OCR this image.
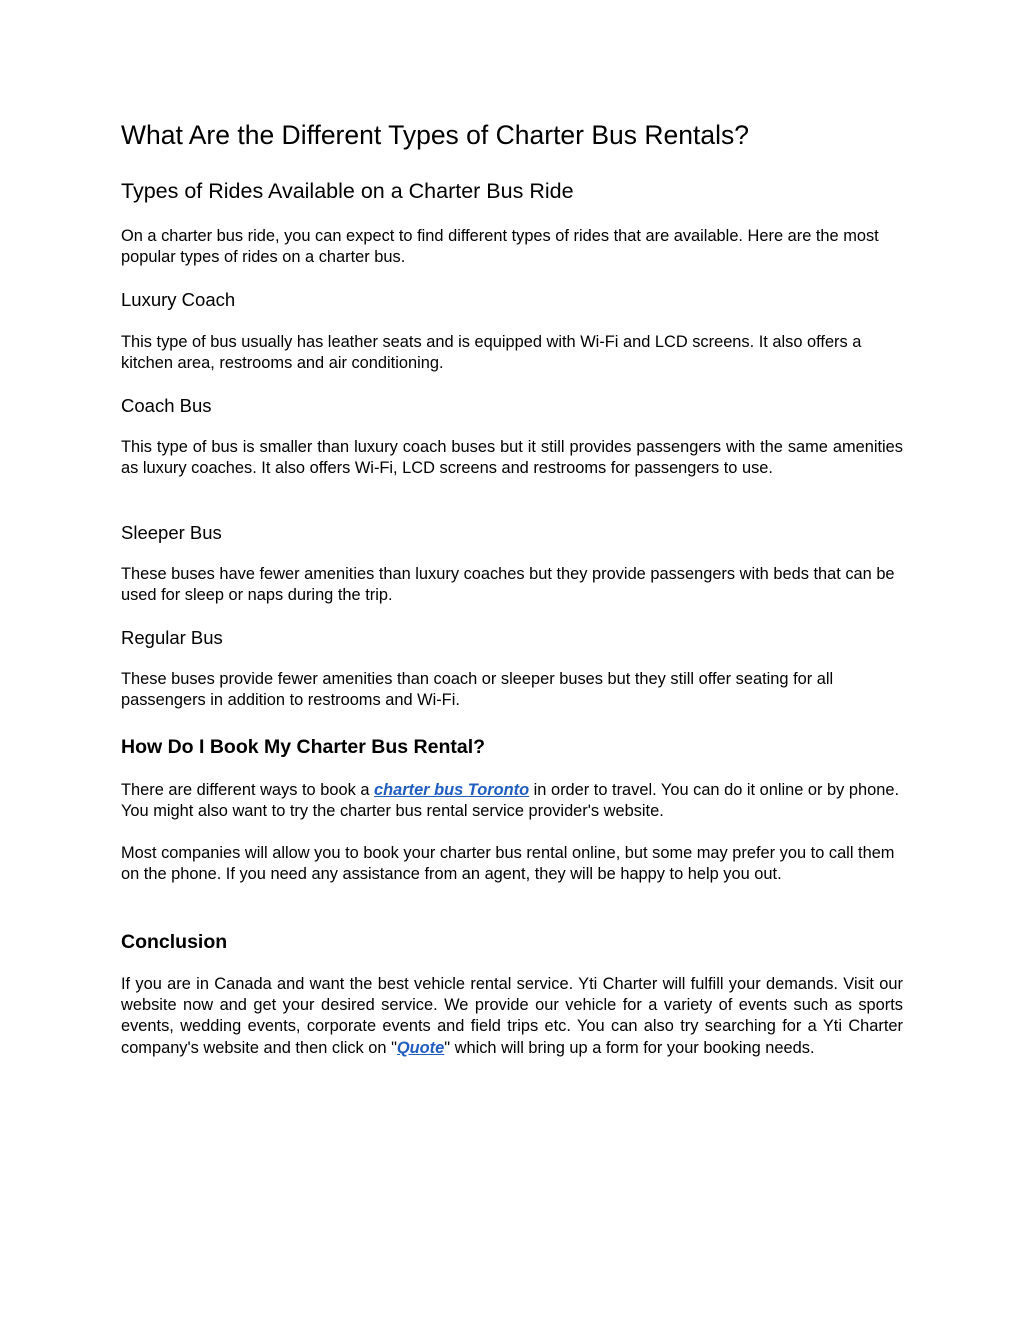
What Are the Different Types of Charter Bus Rentals?
Types of Rides Available on a Charter Bus Ride

On a charter bus ride, you can expect to find different types of rides that are available. Here are the most popular types of rides on a charter bus.

Luxury Coach

This type of bus usually has leather seats and is equipped with Wi-Fi and LCD screens. It also offers a kitchen area, restrooms and air conditioning.

Coach Bus

This type of bus is smaller than luxury coach buses but it still provides passengers with the same amenities as luxury coaches. It also offers Wi-Fi, LCD screens and restrooms for passengers to use.

Sleeper Bus

These buses have fewer amenities than luxury coaches but they provide passengers with beds that can be used for sleep or naps during the trip.

Regular Bus

These buses provide fewer amenities than coach or sleeper buses but they still offer seating for all passengers in addition to restrooms and Wi-Fi.

How Do I Book My Charter Bus Rental?

There are different ways to book a charter bus Toronto in order to travel. You can do it online or by phone. You might also want to try the charter bus rental service provider's website.

Most companies will allow you to book your charter bus rental online, but some may prefer you to call them on the phone. If you need any assistance from an agent, they will be happy to help you out.

Conclusion

If you are in Canada and want the best vehicle rental service. Yti Charter will fulfill your demands. Visit our website now and get your desired service. We provide our vehicle for a variety of events such as sports events, wedding events, corporate events and field trips etc. You can also try searching for a Yti Charter company's website and then click on "Quote" which will bring up a form for your booking needs.
